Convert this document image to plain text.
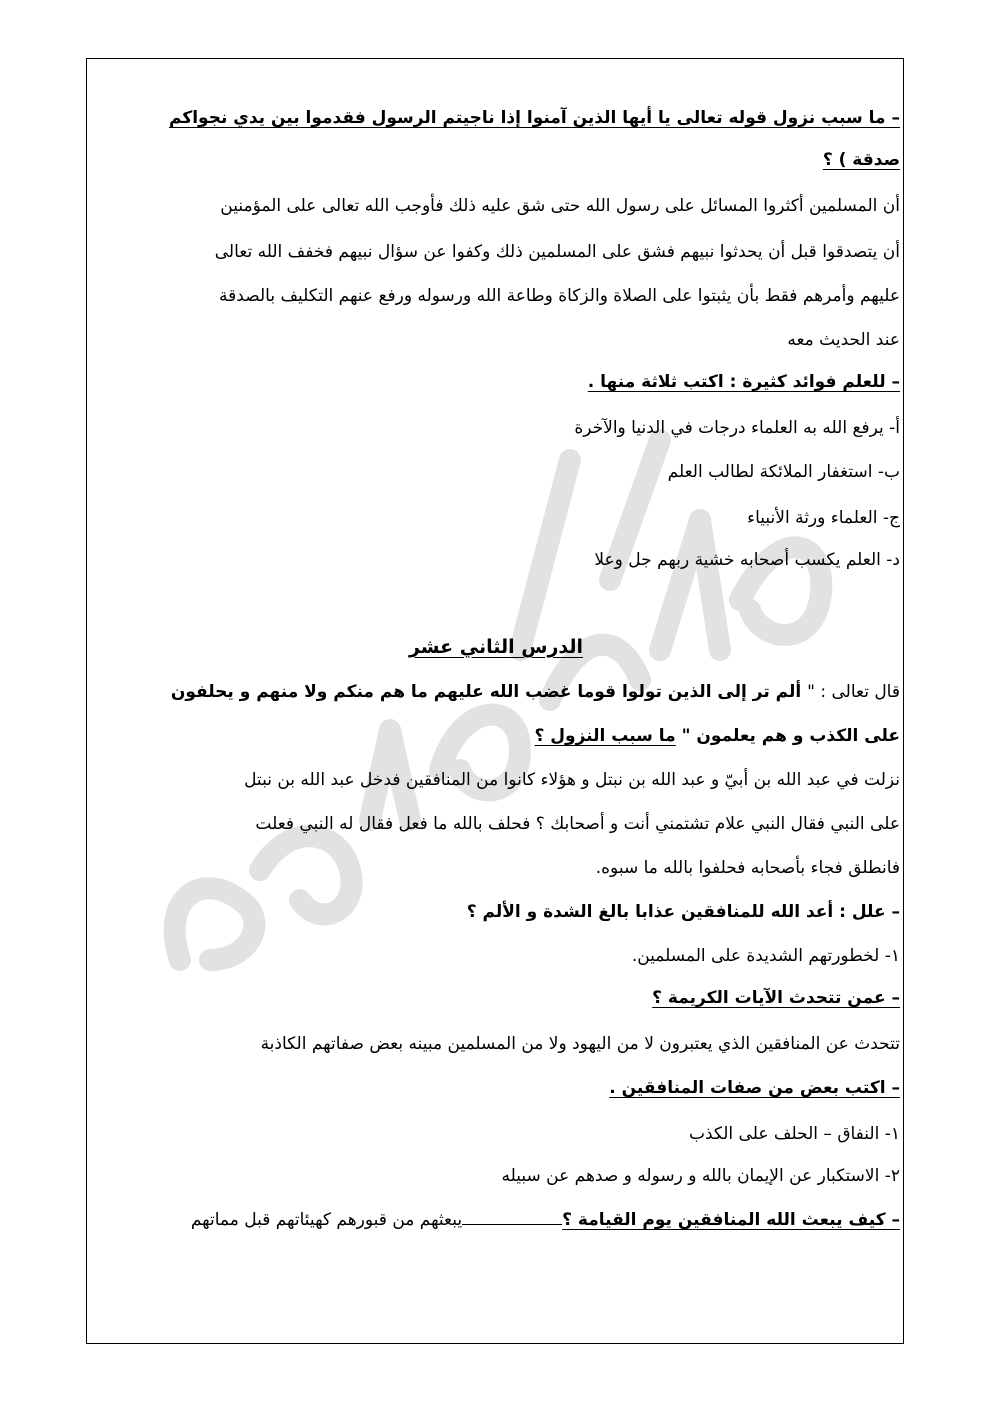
– ما سبب نزول قوله تعالى يا أيها الذين آمنوا إذا ناجيتم الرسول فقدموا بين يدي نجواكم
صدقة ) ؟
أن المسلمين أكثروا المسائل على رسول الله حتى شق عليه ذلك فأوجب الله تعالى على المؤمنين
أن يتصدقوا قبل أن يحدثوا نبيهم فشق على المسلمين ذلك وكفوا عن سؤال نبيهم فخفف الله تعالى
عليهم وأمرهم فقط بأن يثبتوا على الصلاة والزكاة وطاعة الله ورسوله ورفع عنهم التكليف بالصدقة
عند الحديث معه
– للعلم فوائد كثيرة : اكتب ثلاثة منها .
أ- يرفع الله به العلماء درجات في الدنيا والآخرة
ب- استغفار الملائكة لطالب العلم
ج- العلماء ورثة الأنبياء
د- العلم يكسب أصحابه خشية ربهم جل وعلا
الدرس الثاني عشر
قال تعالى : " ألم تر إلى الذين تولوا قوما غضب الله عليهم ما هم منكم ولا منهم و يحلفون
على الكذب و هم يعلمون " ما سبب النزول ؟
نزلت في عبد الله بن أبيّ و عبد الله بن نبتل و هؤلاء كانوا من المنافقين فدخل عبد الله بن نبتل
على النبي فقال النبي علام تشتمني أنت و أصحابك ؟ فحلف بالله ما فعل فقال له النبي فعلت
فانطلق فجاء بأصحابه فحلفوا بالله ما سبوه.
– علل : أعد الله للمنافقين عذابا بالغ الشدة و الألم ؟
١- لخطورتهم الشديدة على المسلمين.
– عمن تتحدث الآيات الكريمة ؟
تتحدث عن المنافقين الذي يعتبرون لا من اليهود ولا من المسلمين مبينه بعض صفاتهم الكاذبة
– اكتب بعض من صفات المنافقين .
١- النفاق – الحلف على الكذب
٢- الاستكبار عن الإيمان بالله و رسوله و صدهم عن سبيله
– كيف يبعث الله المنافقين يوم القيامة ؟يبعثهم من قبورهم كهيئاتهم قبل مماتهم
